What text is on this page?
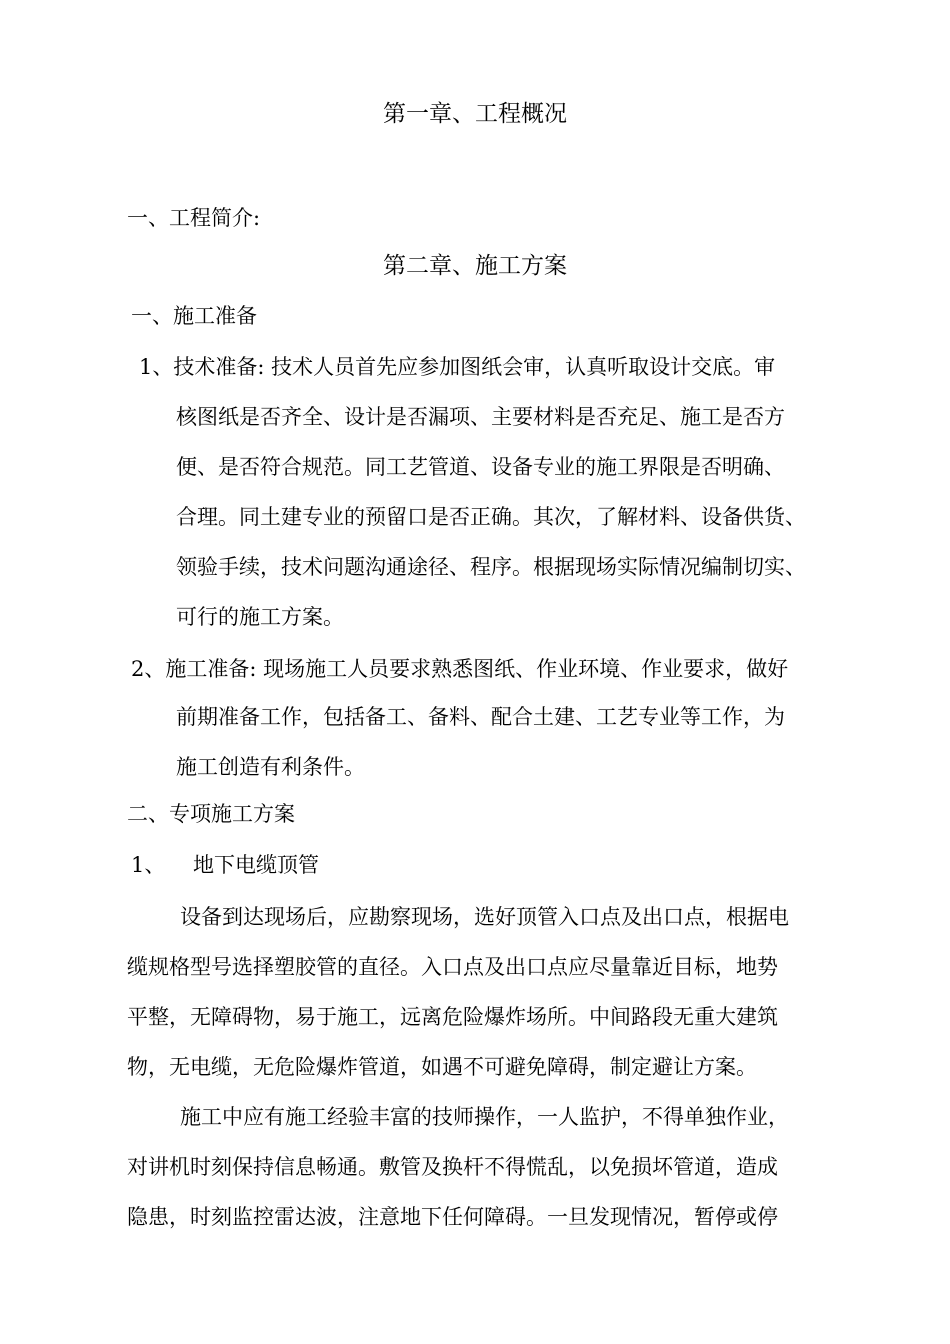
第一章、工程概况
一、工程简介:
第二章、施工方案
一、施工准备
1、技术准备: 技术人员首先应参加图纸会审，认真听取设计交底。审
核图纸是否齐全、设计是否漏项、主要材料是否充足、施工是否方
便、是否符合规范。同工艺管道、设备专业的施工界限是否明确、
合理。同土建专业的预留口是否正确。其次，了解材料、设备供货、
领验手续，技术问题沟通途径、程序。根据现场实际情况编制切实、
可行的施工方案。
2、施工准备: 现场施工人员要求熟悉图纸、作业环境、作业要求，做好
前期准备工作，包括备工、备料、配合土建、工艺专业等工作，为
施工创造有利条件。
二、专项施工方案
1、 地下电缆顶管
设备到达现场后，应勘察现场，选好顶管入口点及出口点，根据电
缆规格型号选择塑胶管的直径。入口点及出口点应尽量靠近目标，地势
平整，无障碍物，易于施工，远离危险爆炸场所。中间路段无重大建筑
物，无电缆，无危险爆炸管道，如遇不可避免障碍，制定避让方案。
施工中应有施工经验丰富的技师操作，一人监护，不得单独作业，
对讲机时刻保持信息畅通。敷管及换杆不得慌乱，以免损坏管道，造成
隐患，时刻监控雷达波，注意地下任何障碍。一旦发现情况，暂停或停
